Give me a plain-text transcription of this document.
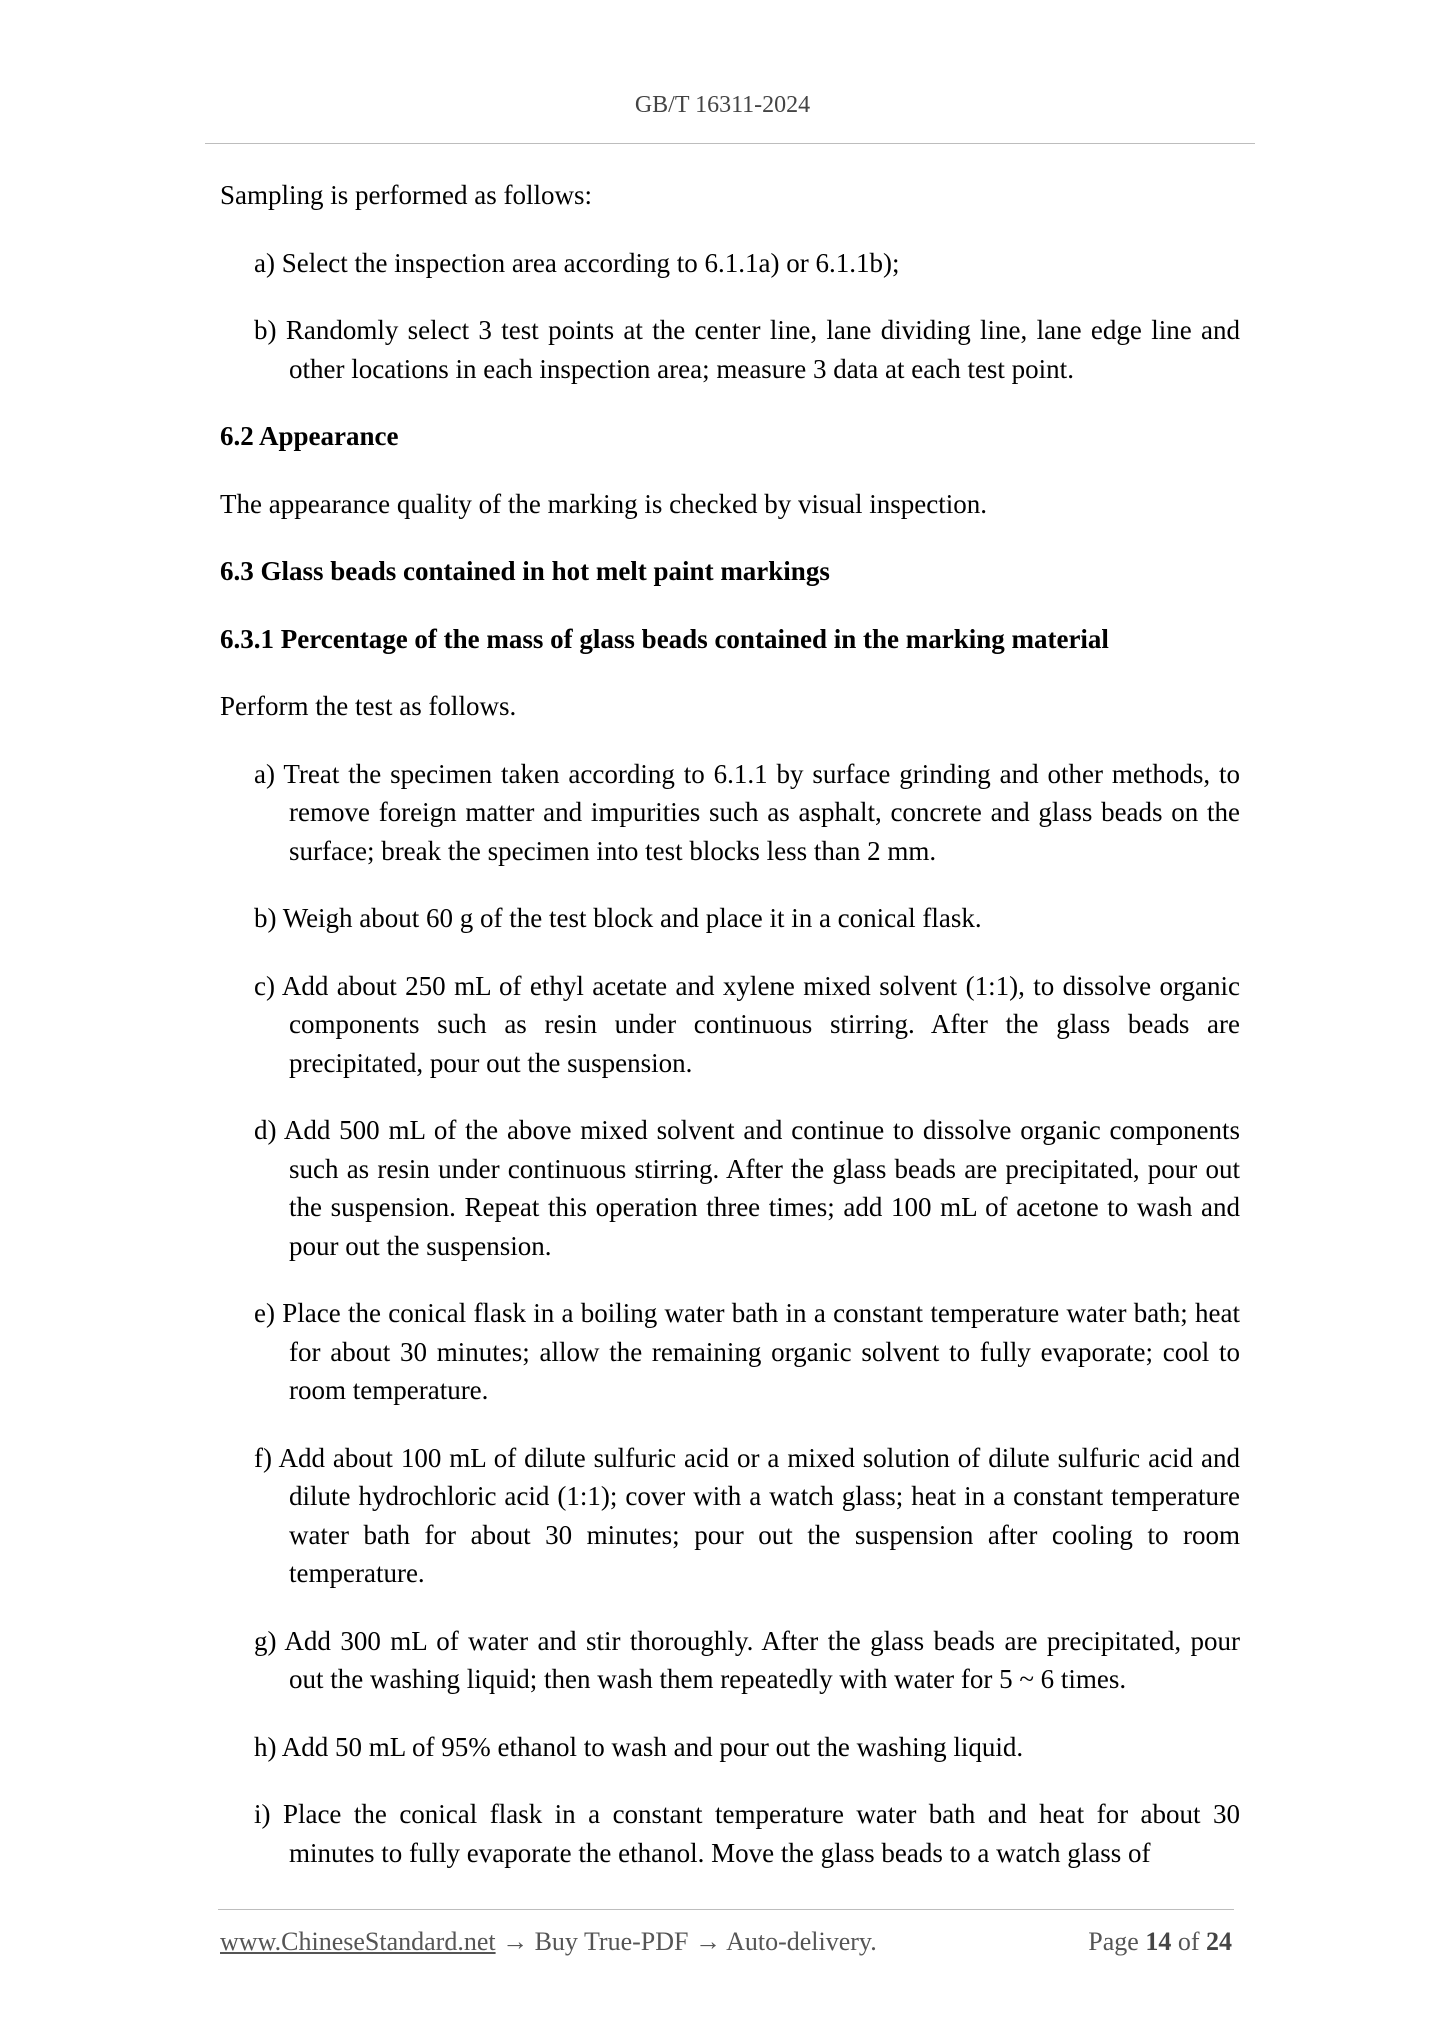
GB/T 16311-2024

Sampling is performed as follows:

a) Select the inspection area according to 6.1.1a) or 6.1.1b);

b) Randomly select 3 test points at the center line, lane dividing line, lane edge line and other locations in each inspection area; measure 3 data at each test point.

6.2 Appearance

The appearance quality of the marking is checked by visual inspection.

6.3 Glass beads contained in hot melt paint markings

6.3.1 Percentage of the mass of glass beads contained in the marking material

Perform the test as follows.

a) Treat the specimen taken according to 6.1.1 by surface grinding and other methods, to remove foreign matter and impurities such as asphalt, concrete and glass beads on the surface; break the specimen into test blocks less than 2 mm.

b) Weigh about 60 g of the test block and place it in a conical flask.

c) Add about 250 mL of ethyl acetate and xylene mixed solvent (1:1), to dissolve organic components such as resin under continuous stirring. After the glass beads are precipitated, pour out the suspension.

d) Add 500 mL of the above mixed solvent and continue to dissolve organic components such as resin under continuous stirring. After the glass beads are precipitated, pour out the suspension. Repeat this operation three times; add 100 mL of acetone to wash and pour out the suspension.

e) Place the conical flask in a boiling water bath in a constant temperature water bath; heat for about 30 minutes; allow the remaining organic solvent to fully evaporate; cool to room temperature.

f) Add about 100 mL of dilute sulfuric acid or a mixed solution of dilute sulfuric acid and dilute hydrochloric acid (1:1); cover with a watch glass; heat in a constant temperature water bath for about 30 minutes; pour out the suspension after cooling to room temperature.

g) Add 300 mL of water and stir thoroughly. After the glass beads are precipitated, pour out the washing liquid; then wash them repeatedly with water for 5 ~ 6 times.

h) Add 50 mL of 95% ethanol to wash and pour out the washing liquid.

i) Place the conical flask in a constant temperature water bath and heat for about 30 minutes to fully evaporate the ethanol. Move the glass beads to a watch glass of

www.ChineseStandard.net → Buy True-PDF → Auto-delivery.	Page 14 of 24
